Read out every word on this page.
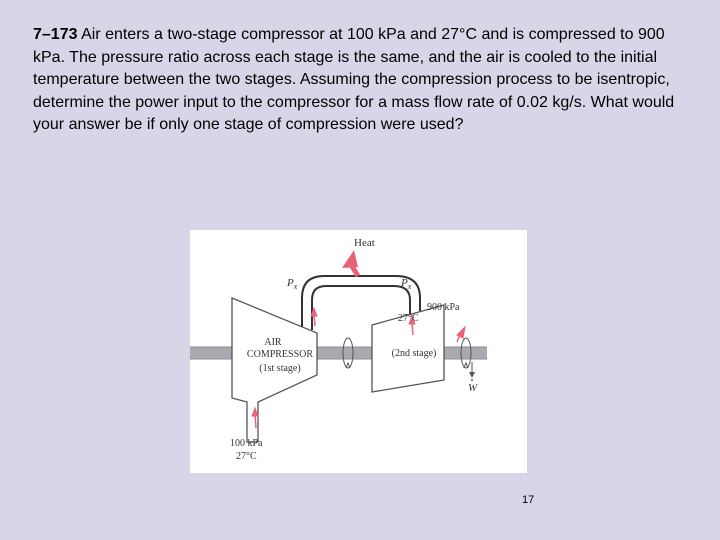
7–173 Air enters a two-stage compressor at 100 kPa and 27°C and is compressed to 900 kPa. The pressure ratio across each stage is the same, and the air is cooled to the initial temperature between the two stages. Assuming the compression process to be isentropic, determine the power input to the compressor for a mass flow rate of 0.02 kg/s. What would your answer be if only one stage of compression were used?
Heat
$P_x$	$P_x$
900 kPa
27°C
AIR
COMPRESSOR
(1st stage)
(2nd stage)
W
100 kPa
27°C
17
